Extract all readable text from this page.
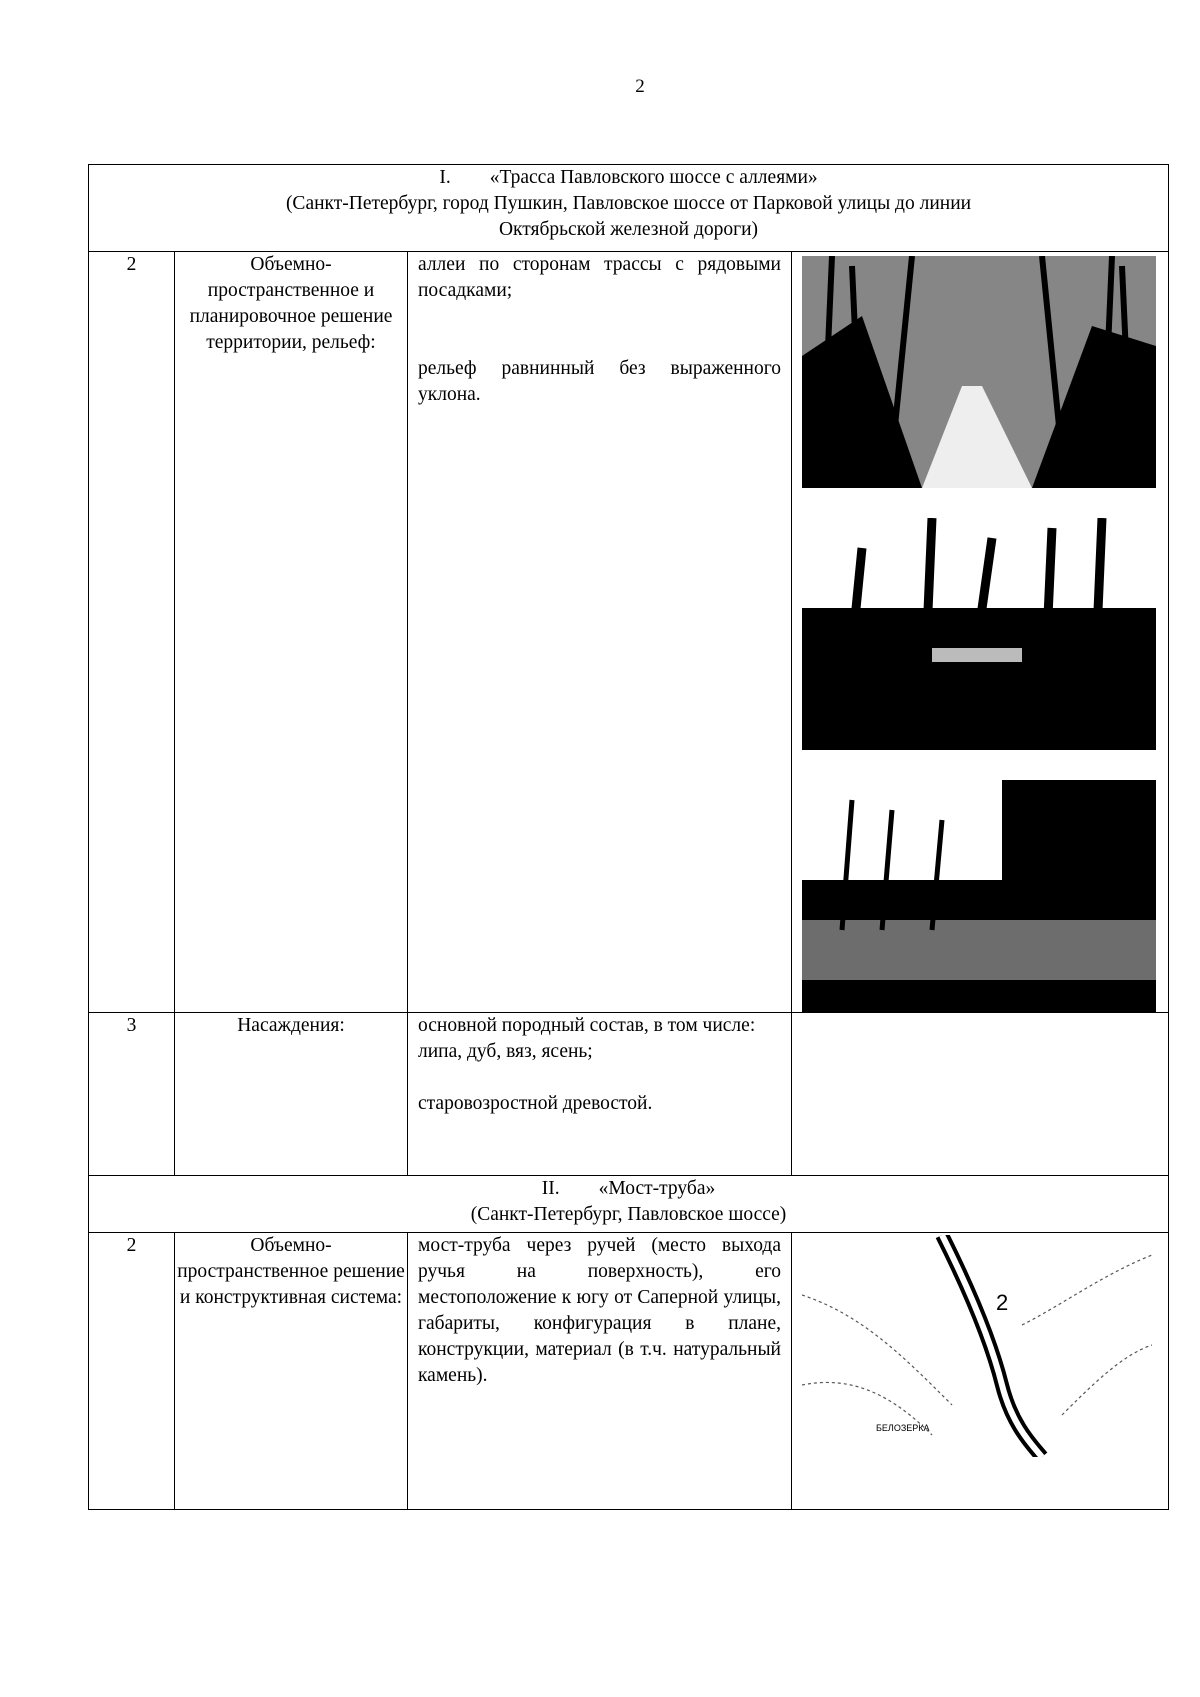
2
I.        «Трасса Павловского шоссе с аллеями»
(Санкт-Петербург, город Пушкин, Павловское шоссе от Парковой улицы до линии
Октябрьской железной дороги)			

2	Объемно-пространственное и планировочное решение территории, рельеф:	аллеи по сторонам трассы с рядовыми посадками;

рельеф равнинный без выраженного уклона.

3	Насаждения:	основной породный состав, в том числе:

липа, дуб, вяз, ясень;

старовозростной древостой.	

II.        «Мост-труба»
(Санкт-Петербург, Павловское шоссе)			

2	Объемно-пространственное решение и конструктивная система:	мост-труба через ручей (место выхода ручья на поверхность), его местоположение к югу от Саперной улицы, габариты, конфигурация в плане, конструкции, материал (в т.ч. натуральный камень).	2
БЕЛОЗЕРКА
